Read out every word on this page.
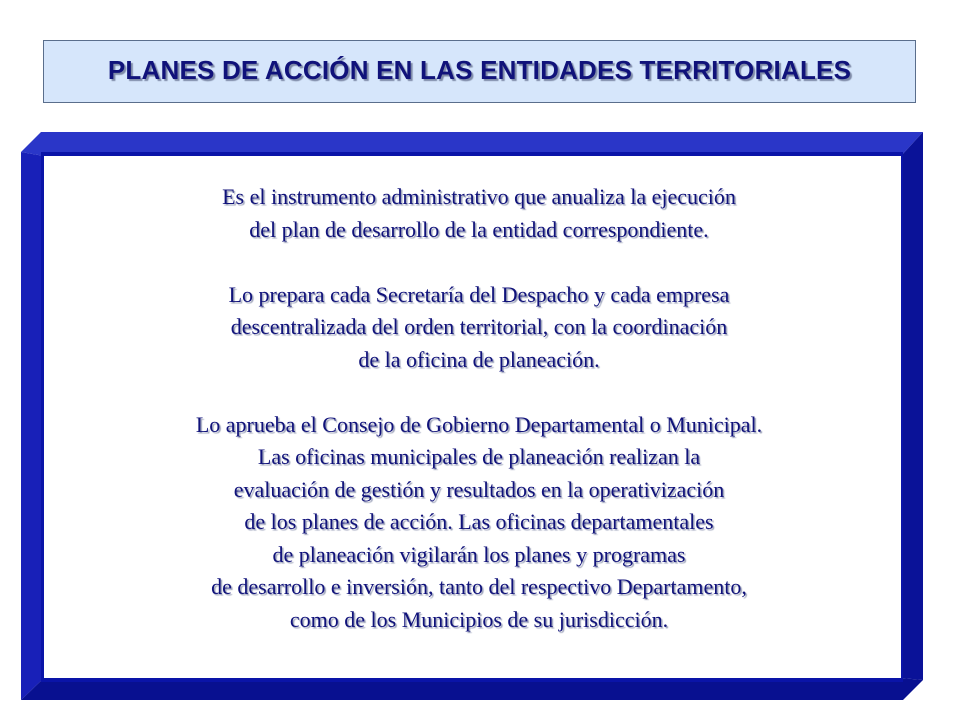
PLANES DE ACCIÓN EN LAS ENTIDADES TERRITORIALES

Es el instrumento administrativo que anualiza la ejecución
del plan de desarrollo de la entidad correspondiente.

Lo prepara cada Secretaría del Despacho y cada empresa
descentralizada del orden territorial, con la coordinación
de la oficina de planeación.

Lo aprueba el Consejo de Gobierno Departamental o Municipal.
Las oficinas municipales de planeación realizan la
evaluación de gestión y resultados en la operativización
de los planes de acción. Las oficinas departamentales
de planeación vigilarán los planes y programas
de desarrollo e inversión, tanto del respectivo Departamento,
como de los Municipios de su jurisdicción.
